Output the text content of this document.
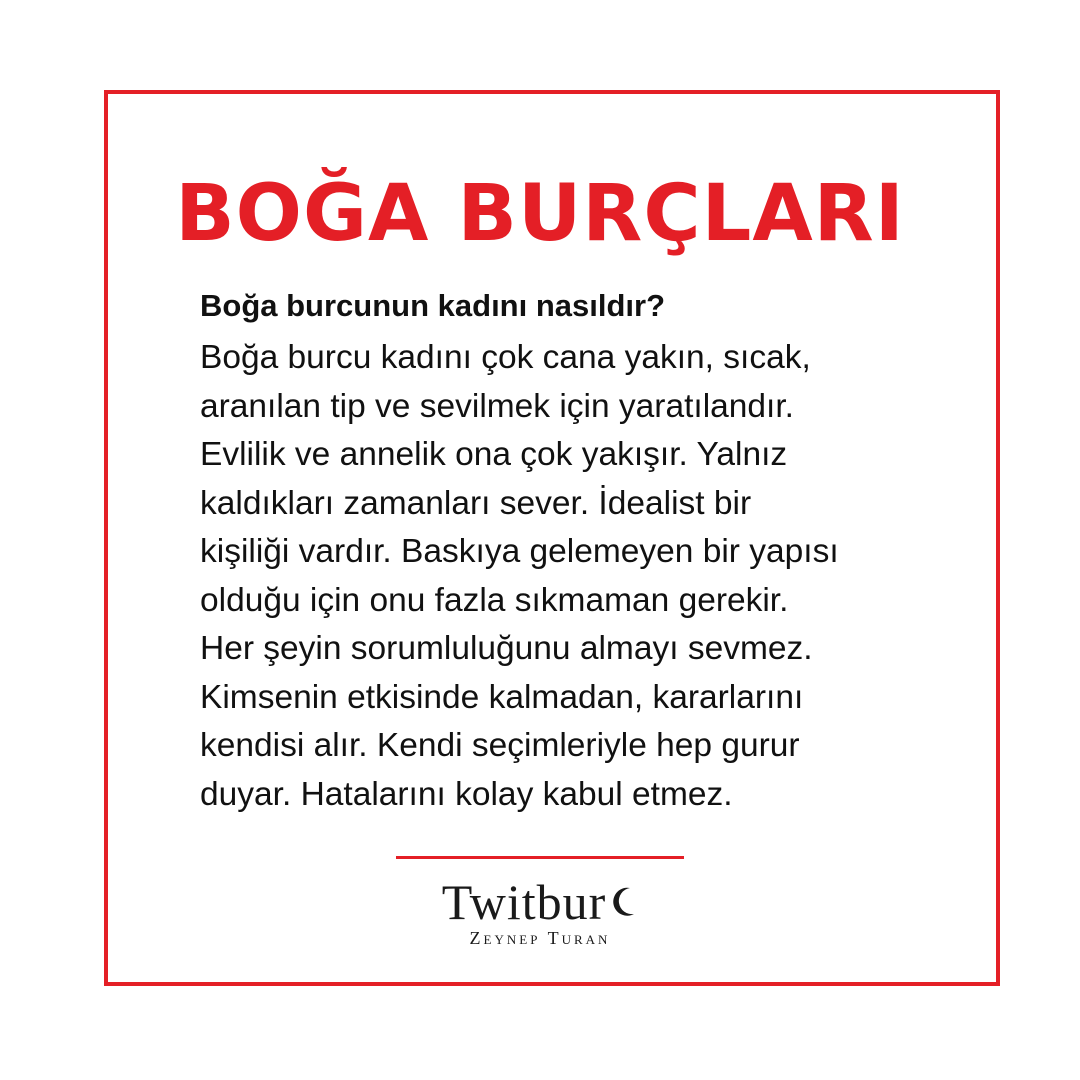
BOĞA BURÇLARI

Boğa burcunun kadını nasıldır?

Boğa burcu kadını çok cana yakın, sıcak,
aranılan tip ve sevilmek için yaratılandır.
Evlilik ve annelik ona çok yakışır. Yalnız
kaldıkları zamanları sever. İdealist bir
kişiliği vardır. Baskıya gelemeyen bir yapısı
olduğu için onu fazla sıkmaman gerekir.
Her şeyin sorumluluğunu almayı sevmez.
Kimsenin etkisinde kalmadan, kararlarını
kendisi alır. Kendi seçimleriyle hep gurur
duyar. Hatalarını kolay kabul etmez.
Twitbur
Zeynep Turan
